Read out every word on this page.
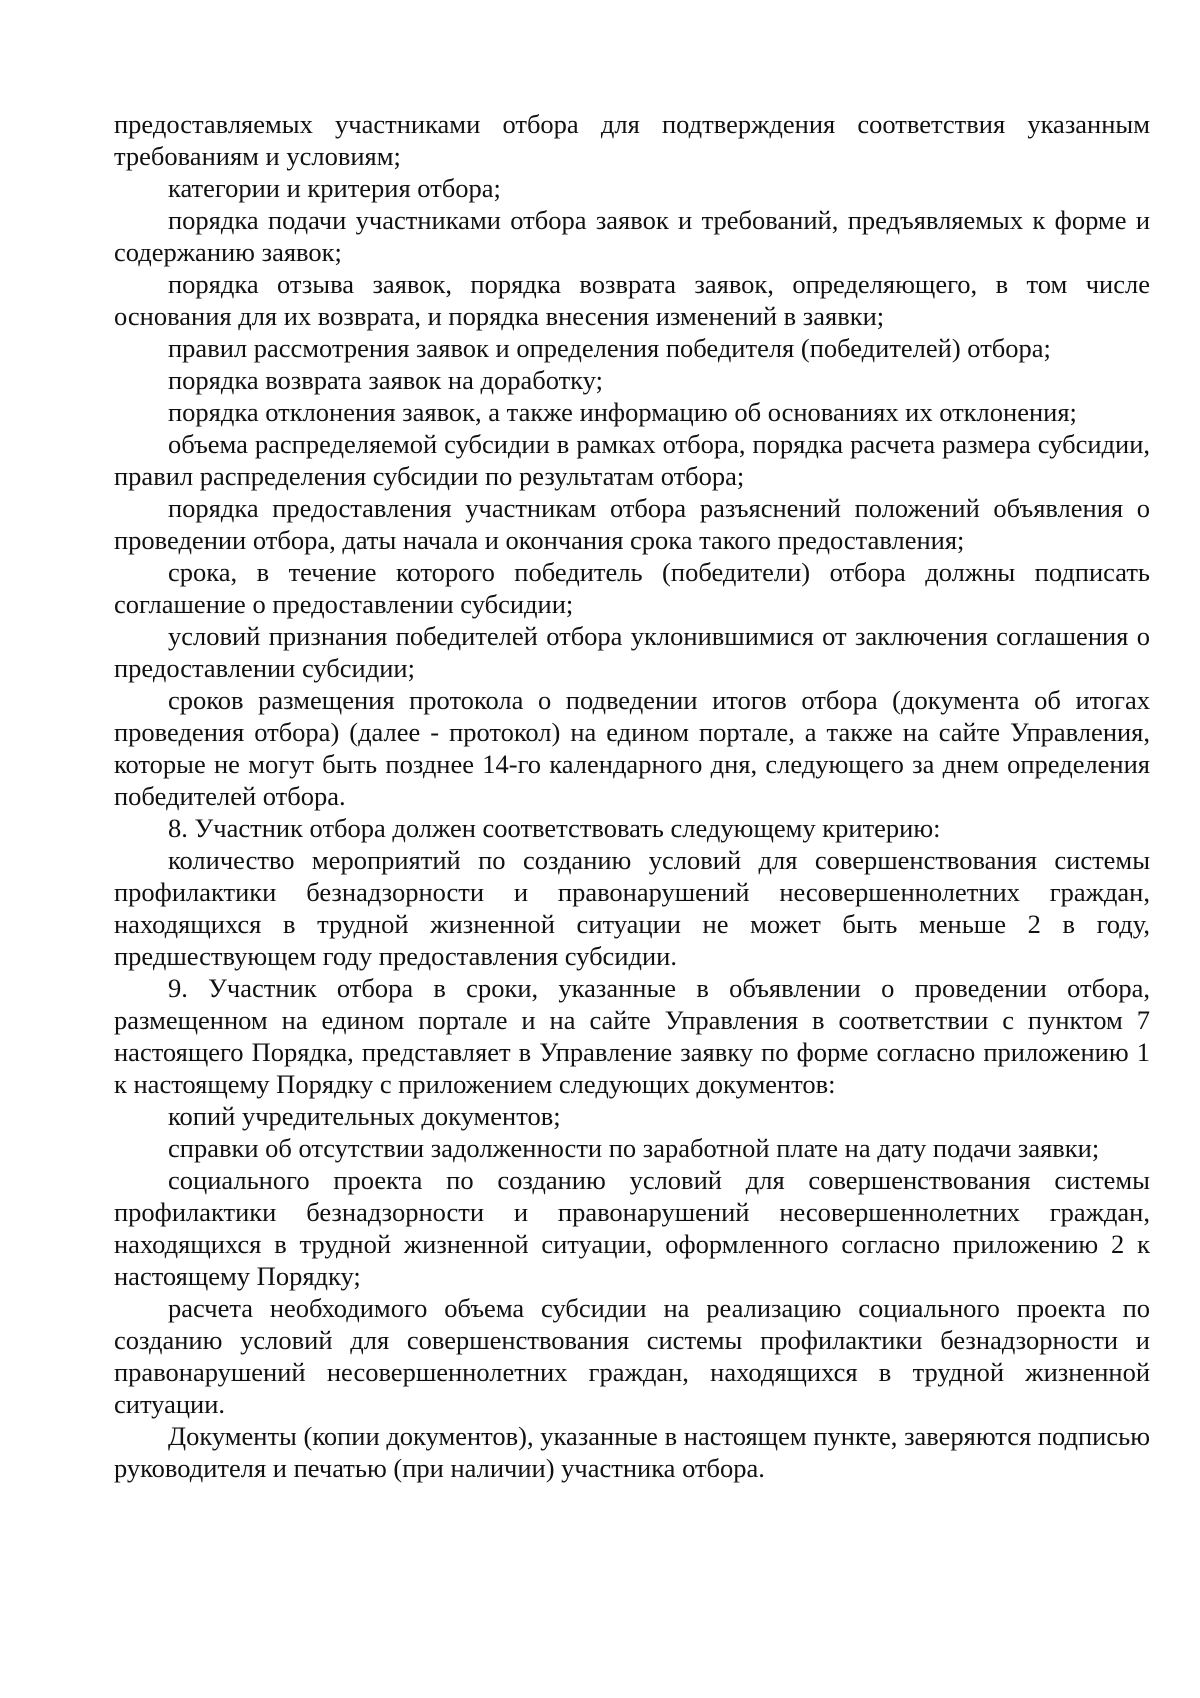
предоставляемых участниками отбора для подтверждения соответствия указанным требованиям и условиям;

категории и критерия отбора;

порядка подачи участниками отбора заявок и требований, предъявляемых к форме и содержанию заявок;

порядка отзыва заявок, порядка возврата заявок, определяющего, в том числе основания для их возврата, и порядка внесения изменений в заявки;

правил рассмотрения заявок и определения победителя (победителей) отбора;

порядка возврата заявок на доработку;

порядка отклонения заявок, а также информацию об основаниях их отклонения;

объема распределяемой субсидии в рамках отбора, порядка расчета размера субсидии, правил распределения субсидии по результатам отбора;

порядка предоставления участникам отбора разъяснений положений объявления о проведении отбора, даты начала и окончания срока такого предоставления;

срока, в течение которого победитель (победители) отбора должны подписать соглашение о предоставлении субсидии;

условий признания победителей отбора уклонившимися от заключения соглашения о предоставлении субсидии;

сроков размещения протокола о подведении итогов отбора (документа об итогах проведения отбора) (далее - протокол) на едином портале, а также на сайте Управления, которые не могут быть позднее 14-го календарного дня, следующего за днем определения победителей отбора.

8. Участник отбора должен соответствовать следующему критерию:

количество мероприятий по созданию условий для совершенствования системы профилактики безнадзорности и правонарушений несовершеннолетних граждан, находящихся в трудной жизненной ситуации не может быть меньше 2 в году, предшествующем году предоставления субсидии.

9. Участник отбора в сроки, указанные в объявлении о проведении отбора, размещенном на едином портале и на сайте Управления в соответствии с пунктом 7 настоящего Порядка, представляет в Управление заявку по форме согласно приложению 1 к настоящему Порядку с приложением следующих документов:

копий учредительных документов;

справки об отсутствии задолженности по заработной плате на дату подачи заявки;

социального проекта по созданию условий для совершенствования системы профилактики безнадзорности и правонарушений несовершеннолетних граждан, находящихся в трудной жизненной ситуации, оформленного согласно приложению 2 к настоящему Порядку;

расчета необходимого объема субсидии на реализацию социального проекта по созданию условий для совершенствования системы профилактики безнадзорности и правонарушений несовершеннолетних граждан, находящихся в трудной жизненной ситуации.

Документы (копии документов), указанные в настоящем пункте, заверяются подписью руководителя и печатью (при наличии) участника отбора.
